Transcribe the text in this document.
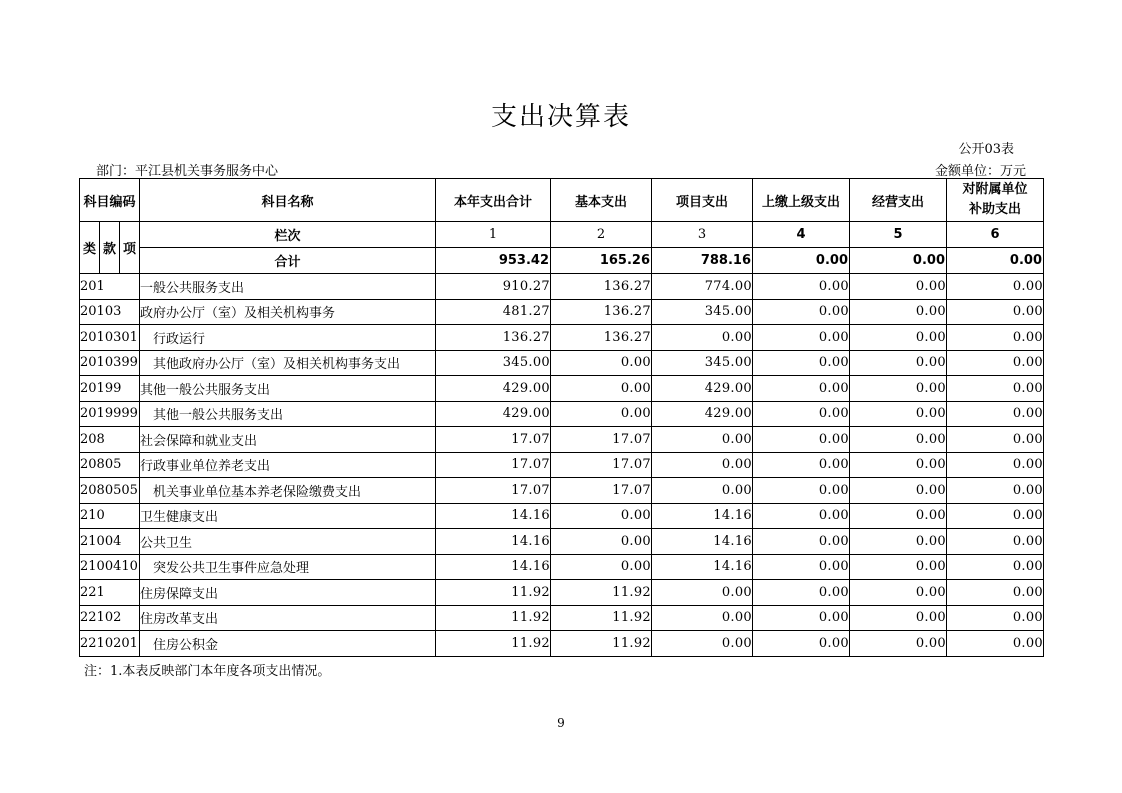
支出决算表
公开03表
部门：平江县机关事务服务中心	金额单位：万元
科目编码			科目名称	本年支出合计	基本支出	项目支出	上缴上级支出	经营支出	对附属单位
补助支出

类	款	项	栏次	1	2	3	4	5	6
			合计	953.42	165.26	788.16	0.00	0.00	0.00
201			一般公共服务支出	910.27	136.27	774.00	0.00	0.00	0.00
20103			政府办公厅（室）及相关机构事务	481.27	136.27	345.00	0.00	0.00	0.00
2010301			　行政运行	136.27	136.27	0.00	0.00	0.00	0.00
2010399			　其他政府办公厅（室）及相关机构事务支出	345.00	0.00	345.00	0.00	0.00	0.00
20199			其他一般公共服务支出	429.00	0.00	429.00	0.00	0.00	0.00
2019999			　其他一般公共服务支出	429.00	0.00	429.00	0.00	0.00	0.00
208			社会保障和就业支出	17.07	17.07	0.00	0.00	0.00	0.00
20805			行政事业单位养老支出	17.07	17.07	0.00	0.00	0.00	0.00
2080505			　机关事业单位基本养老保险缴费支出	17.07	17.07	0.00	0.00	0.00	0.00
210			卫生健康支出	14.16	0.00	14.16	0.00	0.00	0.00
21004			公共卫生	14.16	0.00	14.16	0.00	0.00	0.00
2100410			　突发公共卫生事件应急处理	14.16	0.00	14.16	0.00	0.00	0.00
221			住房保障支出	11.92	11.92	0.00	0.00	0.00	0.00
22102			住房改革支出	11.92	11.92	0.00	0.00	0.00	0.00
2210201			　住房公积金	11.92	11.92	0.00	0.00	0.00	0.00
注：1.本表反映部门本年度各项支出情况。
9
